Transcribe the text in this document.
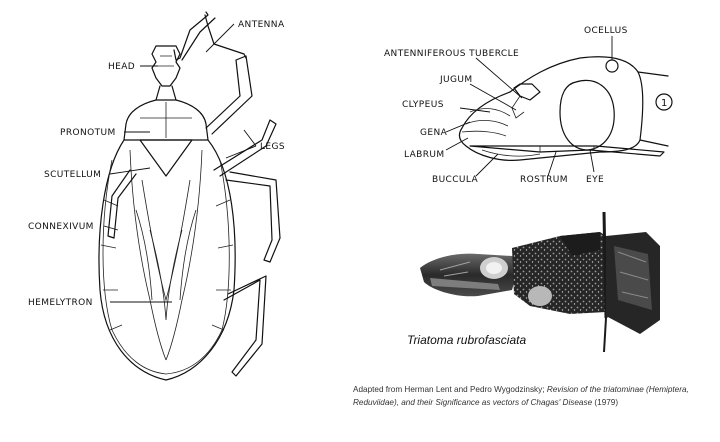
ANTENNA
HEAD
PRONOTUM
LEGS
SCUTELLUM
CONNEXIVUM
HEMELYTRON
1
OCELLUS
ANTENNIFEROUS TUBERCLE
JUGUM
CLYPEUS
GENA
LABRUM
BUCCULA	ROSTRUM EYE
Triatoma rubrofasciata
Adapted from Herman Lent and Pedro Wygodzinsky; Revision of the triatominae (Hemiptera, Reduviidae), and their Significance as vectors of Chagas' Disease (1979)
